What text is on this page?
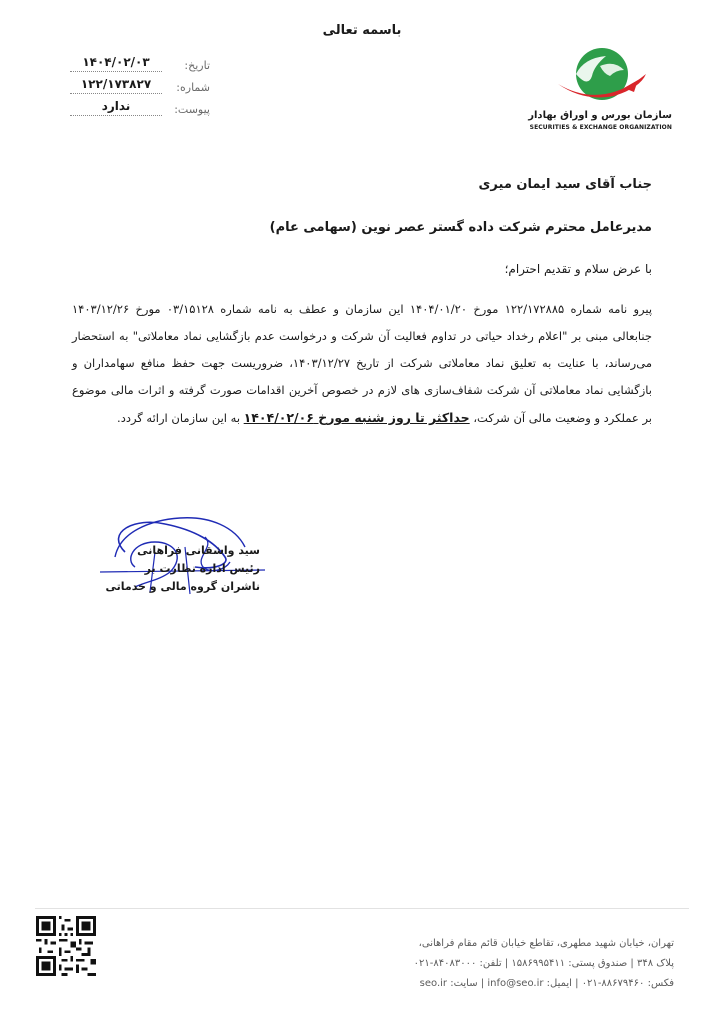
باسمه تعالی
سازمان بورس و اوراق بهادار
SECURITIES & EXCHANGE ORGANIZATION
تاریخ:
۱۴۰۴/۰۲/۰۳
شماره:
۱۲۲/۱۷۳۸۲۷
پیوست:
ندارد
جناب آقای سید ایمان میری
مدیرعامل محترم شرکت داده گستر عصر نوین (سهامی عام)
با عرض سلام و تقدیم احترام؛
پیرو نامه شماره ۱۲۲/۱۷۲۸۸۵ مورخ ۱۴۰۴/۰۱/۲۰ این سازمان و عطف به نامه شماره ۰۳/۱۵۱۲۸ مورخ ۱۴۰۳/۱۲/۲۶ جنابعالی مبنی بر "اعلام رخداد حیاتی در تداوم فعالیت آن شرکت و درخواست عدم بازگشایی نماد معاملاتی" به استحضار می‌رساند، با عنایت به تعلیق نماد معاملاتی شرکت از تاریخ ۱۴۰۳/۱۲/۲۷، ضروریست جهت حفظ منافع سهامداران و بازگشایی نماد معاملاتی آن شرکت شفاف‌سازی های لازم در خصوص آخرین اقدامات صورت گرفته و اثرات مالی موضوع بر عملکرد و وضعیت مالی آن شرکت، حداکثر تا روز شنبه مورخ ۱۴۰۴/۰۲/۰۶ به این سازمان ارائه گردد.
سید واشقانی فراهانی
رئیس اداره نظارت بر
ناشران گروه مالی و خدماتی
تهران، خیابان شهید مطهری، تقاطع خیابان قائم مقام فراهانی،
پلاک ۳۴۸ | صندوق پستی: ۱۵۸۶۹۹۵۴۱۱ | تلفن: ۸۴۰۸۳۰۰۰-۰۲۱
فکس: ۸۸۶۷۹۴۶۰-۰۲۱ | ایمیل: info@seo.ir | سایت: seo.ir
